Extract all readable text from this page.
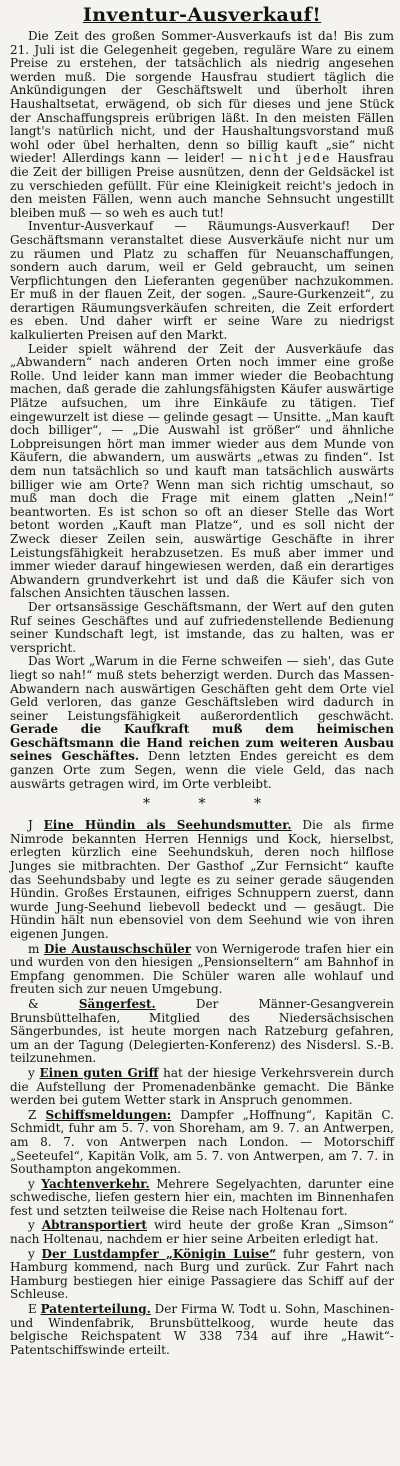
Inventur-Ausverkauf!

Die Zeit des großen Sommer-Ausverkaufs ist da! Bis zum 21. Juli ist die Gelegenheit gegeben, reguläre Ware zu einem Preise zu erstehen, der tatsächlich als niedrig angesehen werden muß. Die sorgende Hausfrau studiert täglich die Ankündigungen der Geschäftswelt und überholt ihren Haushaltsetat, erwägend, ob sich für dieses und jene Stück der Anschaffungspreis erübrigen läßt. In den meisten Fällen langt's natürlich nicht, und der Haushaltungsvorstand muß wohl oder übel herhalten, denn so billig kauft „sie“ nicht wieder! Allerdings kann — leider! — nicht jede Hausfrau die Zeit der billigen Preise ausnützen, denn der Geldsäckel ist zu verschieden gefüllt. Für eine Kleinigkeit reicht's jedoch in den meisten Fällen, wenn auch manche Sehnsucht ungestillt bleiben muß — so weh es auch tut!

Inventur-Ausverkauf — Räumungs-Ausverkauf! Der Geschäftsmann veranstaltet diese Ausverkäufe nicht nur um zu räumen und Platz zu schaffen für Neuanschaffungen, sondern auch darum, weil er Geld gebraucht, um seinen Verpflichtungen den Lieferanten gegenüber nachzukommen. Er muß in der flauen Zeit, der sogen. „Saure-Gurkenzeit“, zu derartigen Räumungsverkäufen schreiten, die Zeit erfordert es eben. Und daher wirft er seine Ware zu niedrigst kalkulierten Preisen auf den Markt.

Leider spielt während der Zeit der Ausverkäufe das „Abwandern“ nach anderen Orten noch immer eine große Rolle. Und leider kann man immer wieder die Beobachtung machen, daß gerade die zahlungsfähigsten Käufer auswärtige Plätze aufsuchen, um ihre Einkäufe zu tätigen. Tief eingewurzelt ist diese — gelinde gesagt — Unsitte. „Man kauft doch billiger“, — „Die Auswahl ist größer“ und ähnliche Lobpreisungen hört man immer wieder aus dem Munde von Käufern, die abwandern, um auswärts „etwas zu finden“. Ist dem nun tatsächlich so und kauft man tatsächlich auswärts billiger wie am Orte? Wenn man sich richtig umschaut, so muß man doch die Frage mit einem glatten „Nein!“ beantworten. Es ist schon so oft an dieser Stelle das Wort betont worden „Kauft man Platze“, und es soll nicht der Zweck dieser Zeilen sein, auswärtige Geschäfte in ihrer Leistungsfähigkeit herabzusetzen. Es muß aber immer und immer wieder darauf hingewiesen werden, daß ein derartiges Abwandern grundverkehrt ist und daß die Käufer sich von falschen Ansichten täuschen lassen.

Der ortsansässige Geschäftsmann, der Wert auf den guten Ruf seines Geschäftes und auf zufriedenstellende Bedienung seiner Kundschaft legt, ist imstande, das zu halten, was er verspricht.

Das Wort „Warum in die Ferne schweifen — sieh', das Gute liegt so nah!“ muß stets beherzigt werden. Durch das Massen-Abwandern nach auswärtigen Geschäften geht dem Orte viel Geld verloren, das ganze Geschäftsleben wird dadurch in seiner Leistungsfähigkeit außerordentlich geschwächt. Gerade die Kaufkraft muß dem heimischen Geschäftsmann die Hand reichen zum weiteren Ausbau seines Geschäftes. Denn letzten Endes gereicht es dem ganzen Orte zum Segen, wenn die viele Geld, das nach auswärts getragen wird, im Orte verbleibt.

* * *

J Eine Hündin als Seehundsmutter. Die als firme Nimrode bekannten Herren Hennigs und Kock, hierselbst, erlegten kürzlich eine Seehundskuh, deren noch hilflose Junges sie mitbrachten. Der Gasthof „Zur Fernsicht“ kaufte das Seehundsbaby und legte es zu seiner gerade säugenden Hündin. Großes Erstaunen, eifriges Schnuppern zuerst, dann wurde Jung-Seehund liebevoll bedeckt und — gesäugt. Die Hündin hält nun ebensoviel von dem Seehund wie von ihren eigenen Jungen.

m Die Austauschschüler von Wernigerode trafen hier ein und wurden von den hiesigen „Pensionseltern“ am Bahnhof in Empfang genommen. Die Schüler waren alle wohlauf und freuten sich zur neuen Umgebung.

&	Sängerfest.	Der Männer-Gesangverein Brunsbüttelhafen, Mitglied des Niedersächsischen Sängerbundes, ist heute morgen nach Ratzeburg gefahren, um an der Tagung (Delegierten-Konferenz) des Nisdersl. S.-B. teilzunehmen.

y Einen guten Griff hat der hiesige Verkehrsverein durch die Aufstellung der Promenadenbänke gemacht. Die Bänke werden bei gutem Wetter stark in Anspruch genommen.

Z Schiffsmeldungen: Dampfer „Hoffnung“, Kapitän C. Schmidt, fuhr am 5. 7. von Shoreham, am 9. 7. an Antwerpen, am 8. 7. von Antwerpen nach London. — Motorschiff „Seeteufel“, Kapitän Volk, am 5. 7. von Antwerpen, am 7. 7. in Southampton angekommen.

y Yachtenverkehr. Mehrere Segelyachten, darunter eine schwedische, liefen gestern hier ein, machten im Binnenhafen fest und setzten teilweise die Reise nach Holtenau fort.

y Abtransportiert wird heute der große Kran „Simson“ nach Holtenau, nachdem er hier seine Arbeiten erledigt hat.

y Der Lustdampfer „Königin Luise“ fuhr gestern, von Hamburg kommend, nach Burg und zurück. Zur Fahrt nach Hamburg bestiegen hier einige Passagiere das Schiff auf der Schleuse.

E Patenterteilung. Der Firma W. Todt u. Sohn, Maschinen- und Windenfabrik, Brunsbüttelkoog, wurde heute das belgische Reichspatent W 338 734 auf ihre „Hawit“-Patentschiffswinde erteilt.
